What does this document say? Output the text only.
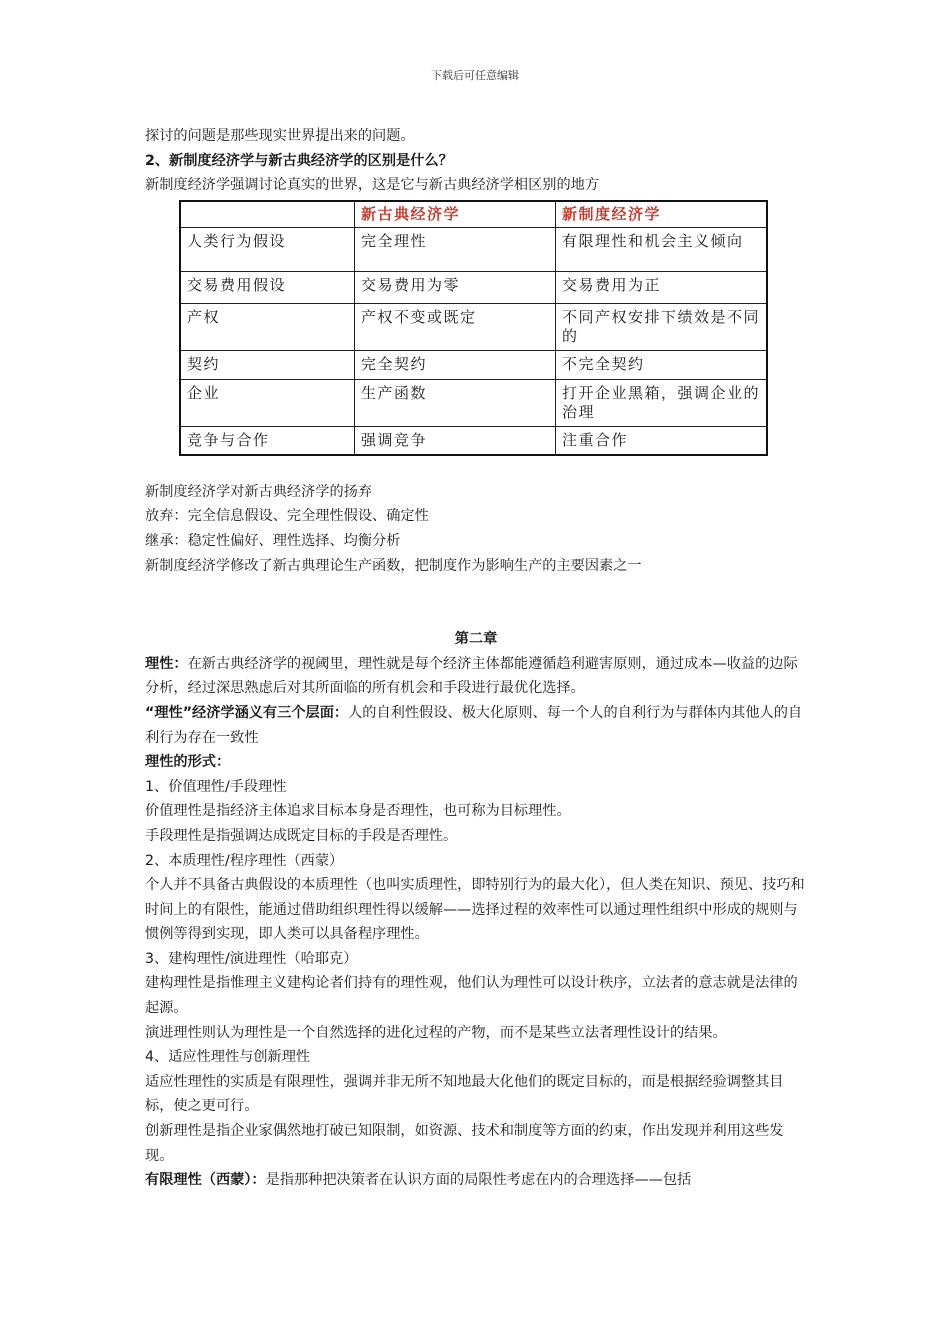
下载后可任意编辑

探讨的问题是那些现实世界提出来的问题。

2、新制度经济学与新古典经济学的区别是什么？

新制度经济学强调讨论真实的世界，这是它与新古典经济学相区别的地方

	新古典经济学	新制度经济学
人类行为假设	完全理性	有限理性和机会主义倾向
交易费用假设	交易费用为零	交易费用为正
产权	产权不变或既定	不同产权安排下绩效是不同的
契约	完全契约	不完全契约
企业	生产函数	打开企业黑箱，强调企业的治理
竞争与合作	强调竞争	注重合作

新制度经济学对新古典经济学的扬弃

放弃：完全信息假设、完全理性假设、确定性

继承：稳定性偏好、理性选择、均衡分析

新制度经济学修改了新古典理论生产函数，把制度作为影响生产的主要因素之一

第二章

理性：在新古典经济学的视阈里，理性就是每个经济主体都能遵循趋利避害原则，通过成本—收益的边际分析，经过深思熟虑后对其所面临的所有机会和手段进行最优化选择。

“理性”经济学涵义有三个层面：人的自利性假设、极大化原则、每一个人的自利行为与群体内其他人的自利行为存在一致性

理性的形式：

1、价值理性/手段理性

价值理性是指经济主体追求目标本身是否理性，也可称为目标理性。

手段理性是指强调达成既定目标的手段是否理性。

2、本质理性/程序理性（西蒙）

个人并不具备古典假设的本质理性（也叫实质理性，即特别行为的最大化），但人类在知识、预见、技巧和时间上的有限性，能通过借助组织理性得以缓解——选择过程的效率性可以通过理性组织中形成的规则与惯例等得到实现，即人类可以具备程序理性。

3、建构理性/演进理性（哈耶克）

建构理性是指惟理主义建构论者们持有的理性观，他们认为理性可以设计秩序，立法者的意志就是法律的起源。

演进理性则认为理性是一个自然选择的进化过程的产物，而不是某些立法者理性设计的结果。

4、适应性理性与创新理性

适应性理性的实质是有限理性，强调并非无所不知地最大化他们的既定目标的，而是根据经验调整其目标，使之更可行。

创新理性是指企业家偶然地打破已知限制，如资源、技术和制度等方面的约束，作出发现并利用这些发现。

有限理性（西蒙）：是指那种把决策者在认识方面的局限性考虑在内的合理选择——包括
